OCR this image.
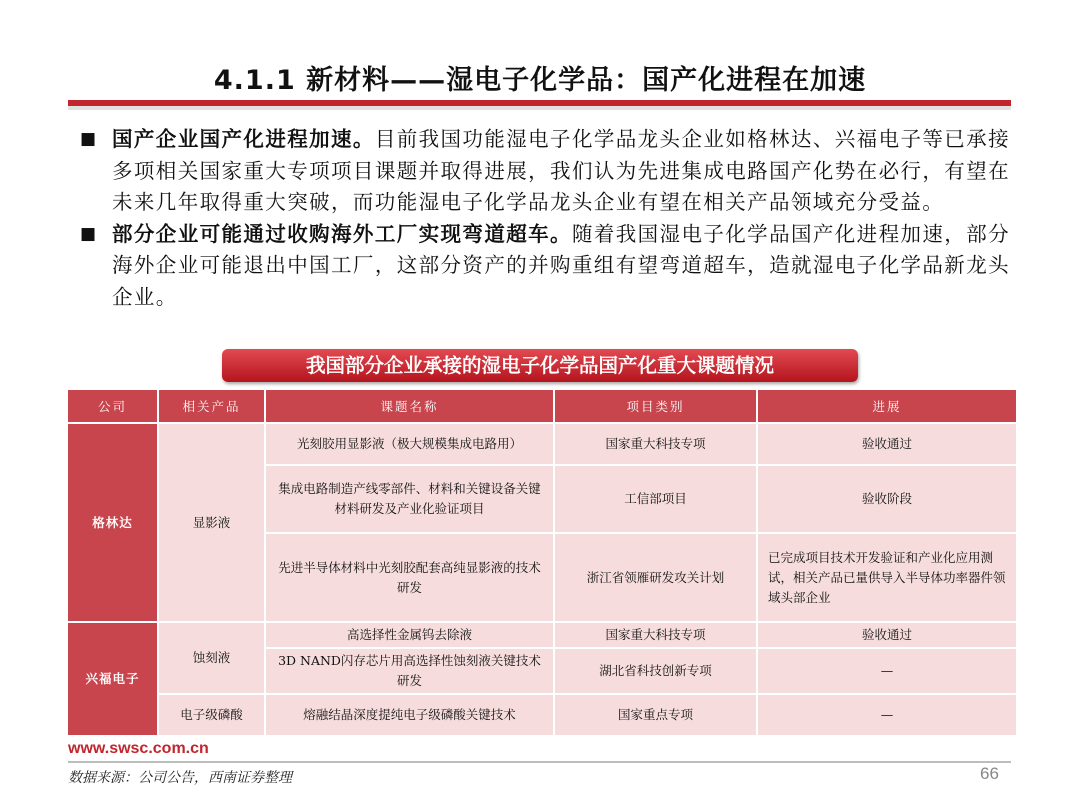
4.1.1 新材料——湿电子化学品：国产化进程在加速
■ 国产企业国产化进程加速。目前我国功能湿电子化学品龙头企业如格林达、兴福电子等已承接多项相关国家重大专项项目课题并取得进展，我们认为先进集成电路国产化势在必行，有望在未来几年取得重大突破，而功能湿电子化学品龙头企业有望在相关产品领域充分受益。
■ 部分企业可能通过收购海外工厂实现弯道超车。随着我国湿电子化学品国产化进程加速，部分海外企业可能退出中国工厂，这部分资产的并购重组有望弯道超车，造就湿电子化学品新龙头企业。
我国部分企业承接的湿电子化学品国产化重大课题情况
公司	相关产品	课题名称	项目类别	进展
格林达	显影液	光刻胶用显影液（极大规模集成电路用）	国家重大科技专项	验收通过
		集成电路制造产线零部件、材料和关键设备关键材料研发及产业化验证项目	工信部项目	验收阶段
		先进半导体材料中光刻胶配套高纯显影液的技术研发	浙江省领雁研发攻关计划	已完成项目技术开发验证和产业化应用测试，相关产品已量供导入半导体功率器件领域头部企业
兴福电子	蚀刻液	高选择性金属钨去除液	国家重大科技专项	验收通过
		3D NAND闪存芯片用高选择性蚀刻液关键技术研发	湖北省科技创新专项	—
	电子级磷酸	熔融结晶深度提纯电子级磷酸关键技术	国家重点专项	—
www.swsc.com.cn
数据来源：公司公告，西南证券整理	66
